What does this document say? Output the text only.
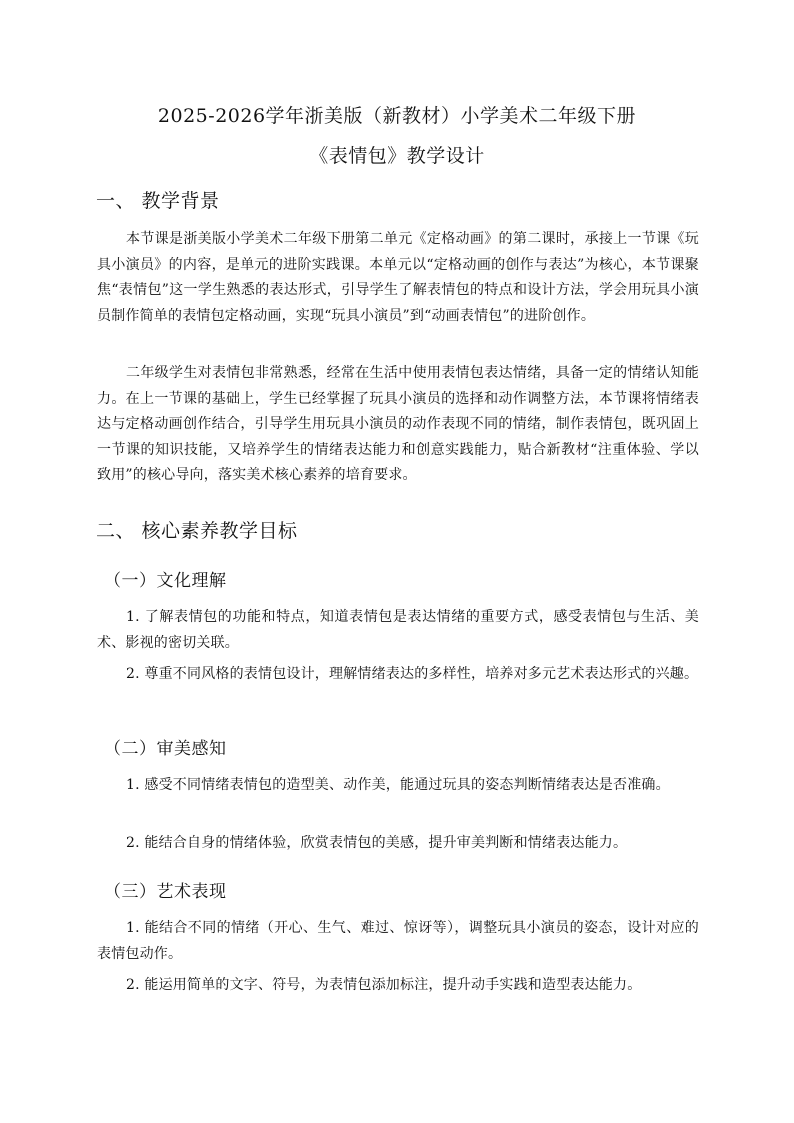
2025-2026学年浙美版（新教材）小学美术二年级下册
《表情包》教学设计
一、 教学背景
本节课是浙美版小学美术二年级下册第二单元《定格动画》的第二课时，承接上一节课《玩具小演员》的内容，是单元的进阶实践课。本单元以“定格动画的创作与表达”为核心，本节课聚焦“表情包”这一学生熟悉的表达形式，引导学生了解表情包的特点和设计方法，学会用玩具小演员制作简单的表情包定格动画，实现“玩具小演员”到“动画表情包”的进阶创作。
二年级学生对表情包非常熟悉，经常在生活中使用表情包表达情绪，具备一定的情绪认知能力。在上一节课的基础上，学生已经掌握了玩具小演员的选择和动作调整方法，本节课将情绪表达与定格动画创作结合，引导学生用玩具小演员的动作表现不同的情绪，制作表情包，既巩固上一节课的知识技能，又培养学生的情绪表达能力和创意实践能力，贴合新教材“注重体验、学以致用”的核心导向，落实美术核心素养的培育要求。
二、 核心素养教学目标
（一）文化理解
1. 了解表情包的功能和特点，知道表情包是表达情绪的重要方式，感受表情包与生活、美术、影视的密切关联。
2. 尊重不同风格的表情包设计，理解情绪表达的多样性，培养对多元艺术表达形式的兴趣。
（二）审美感知
1. 感受不同情绪表情包的造型美、动作美，能通过玩具的姿态判断情绪表达是否准确。
2. 能结合自身的情绪体验，欣赏表情包的美感，提升审美判断和情绪表达能力。
（三）艺术表现
1. 能结合不同的情绪（开心、生气、难过、惊讶等），调整玩具小演员的姿态，设计对应的表情包动作。
2. 能运用简单的文字、符号，为表情包添加标注，提升动手实践和造型表达能力。
